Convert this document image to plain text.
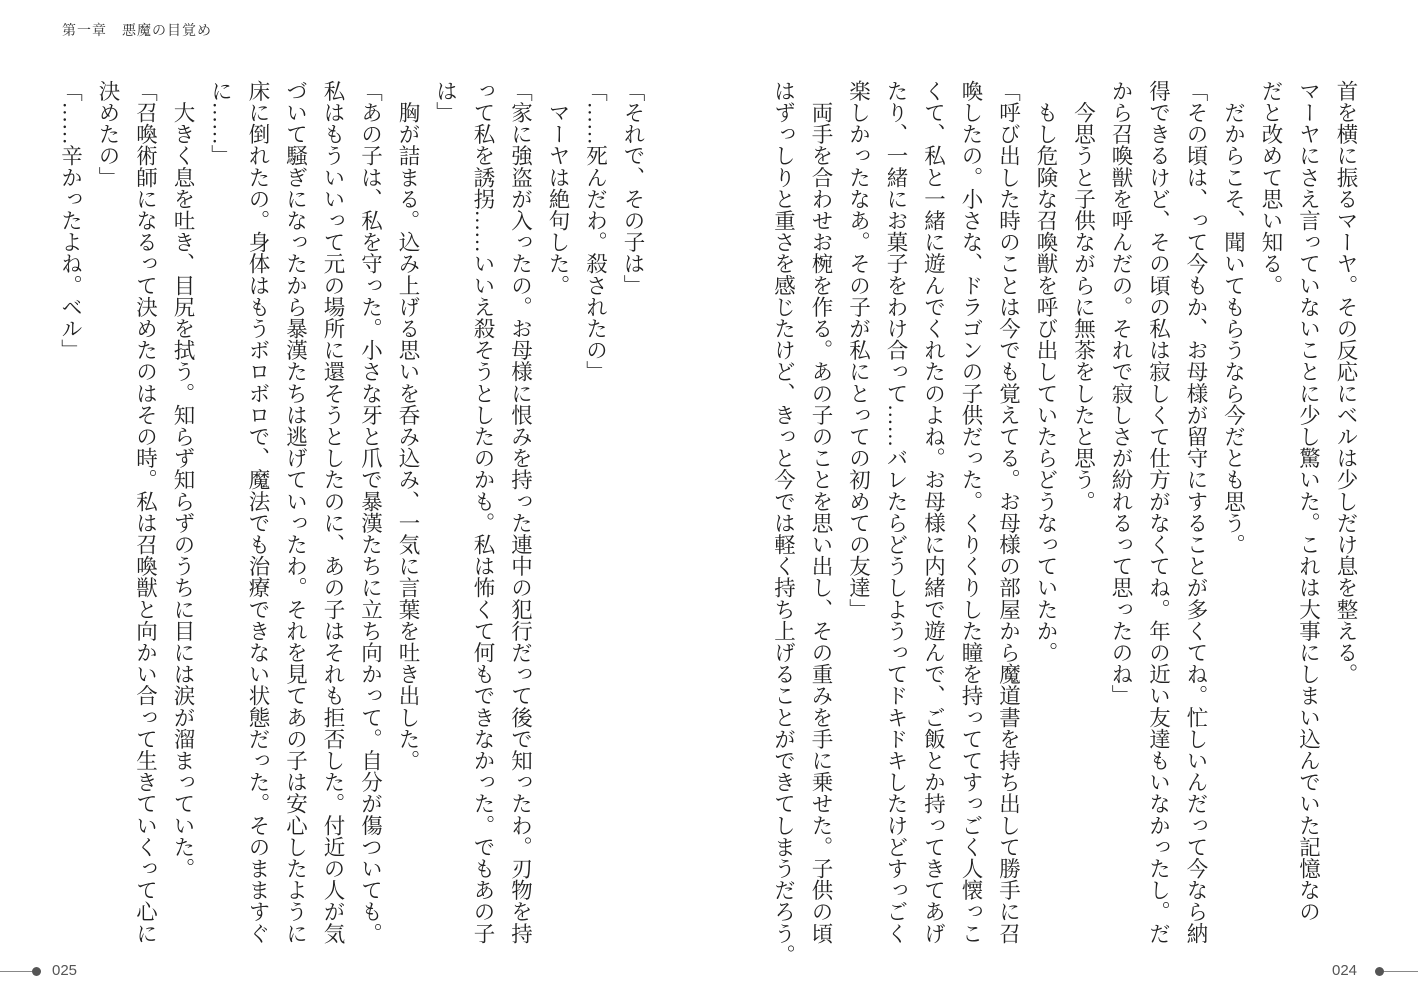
第一章　悪魔の目覚め
首を横に振るマーヤ。その反応にベルは少しだけ息を整える。
マーヤにさえ言っていないことに少し驚いた。これは大事にしまい込んでいた記憶なの
だと改めて思い知る。
　だからこそ、聞いてもらうなら今だとも思う。
「その頃は、って今もか、お母様が留守にすることが多くてね。忙しいんだって今なら納
得できるけど、その頃の私は寂しくて仕方がなくてね。年の近い友達もいなかったし。だ
から召喚獣を呼んだの。それで寂しさが紛れるって思ったのね」
　今思うと子供ながらに無茶をしたと思う。
　もし危険な召喚獣を呼び出していたらどうなっていたか。
「呼び出した時のことは今でも覚えてる。お母様の部屋から魔道書を持ち出して勝手に召
喚したの。小さな、ドラゴンの子供だった。くりくりした瞳を持っててすっごく人懐っこ
くて、私と一緒に遊んでくれたのよね。お母様に内緒で遊んで、ご飯とか持ってきてあげ
たり、一緒にお菓子をわけ合って……バレたらどうしようってドキドキしたけどすっごく
楽しかったなあ。その子が私にとっての初めての友達」
　両手を合わせお椀を作る。あの子のことを思い出し、その重みを手に乗せた。子供の頃
はずっしりと重さを感じたけど、きっと今では軽く持ち上げることができてしまうだろう。
「それで、その子は」
「……死んだわ。殺されたの」
　マーヤは絶句した。
「家に強盗が入ったの。お母様に恨みを持った連中の犯行だって後で知ったわ。刃物を持
って私を誘拐……いいえ殺そうとしたのかも。私は怖くて何もできなかった。でもあの子
は」
　胸が詰まる。込み上げる思いを呑み込み、一気に言葉を吐き出した。
「あの子は、私を守った。小さな牙と爪で暴漢たちに立ち向かって。自分が傷ついても。
私はもういいって元の場所に還そうとしたのに、あの子はそれも拒否した。付近の人が気
づいて騒ぎになったから暴漢たちは逃げていったわ。それを見てあの子は安心したように
床に倒れたの。身体はもうボロボロで、魔法でも治療できない状態だった。そのまますぐ
に……」
　大きく息を吐き、目尻を拭う。知らず知らずのうちに目には涙が溜まっていた。
「召喚術師になるって決めたのはその時。私は召喚獣と向かい合って生きていくって心に
決めたの」
「……辛かったよね。ベル」
025	024
